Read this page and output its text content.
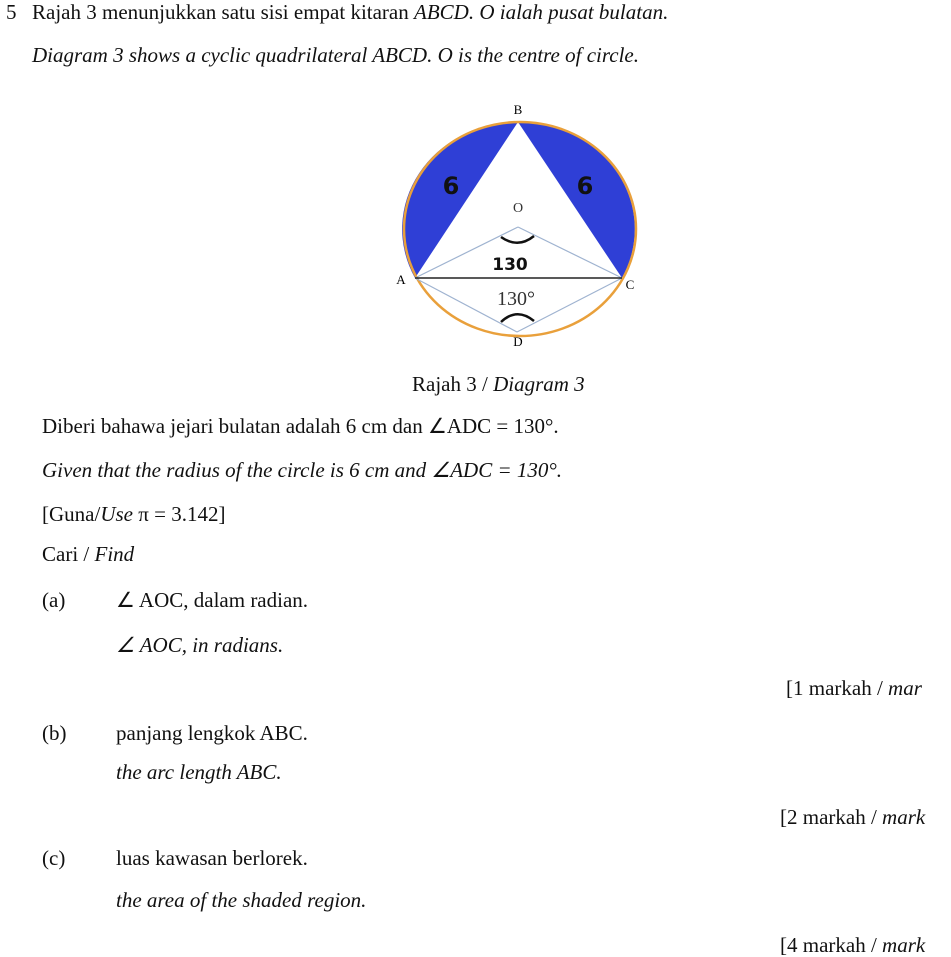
5 Rajah 3 menunjukkan satu sisi empat kitaran ABCD. O ialah pusat bulatan.
Diagram 3 shows a cyclic quadrilateral ABCD. O is the centre of circle.
B
O
A	C
D
130°
6	6
130
Rajah 3 / Diagram 3
Diberi bahawa jejari bulatan adalah 6 cm dan ∠ADC = 130°.
Given that the radius of the circle is 6 cm and ∠ADC = 130°.
[Guna/Use π = 3.142]
Cari / Find
(a) ∠ AOC, dalam radian.
∠ AOC, in radians.
[1 markah / mar
(b) panjang lengkok ABC.
the arc length ABC.
[2 markah / mark
(c) luas kawasan berlorek.
the area of the shaded region.
[4 markah / mark
